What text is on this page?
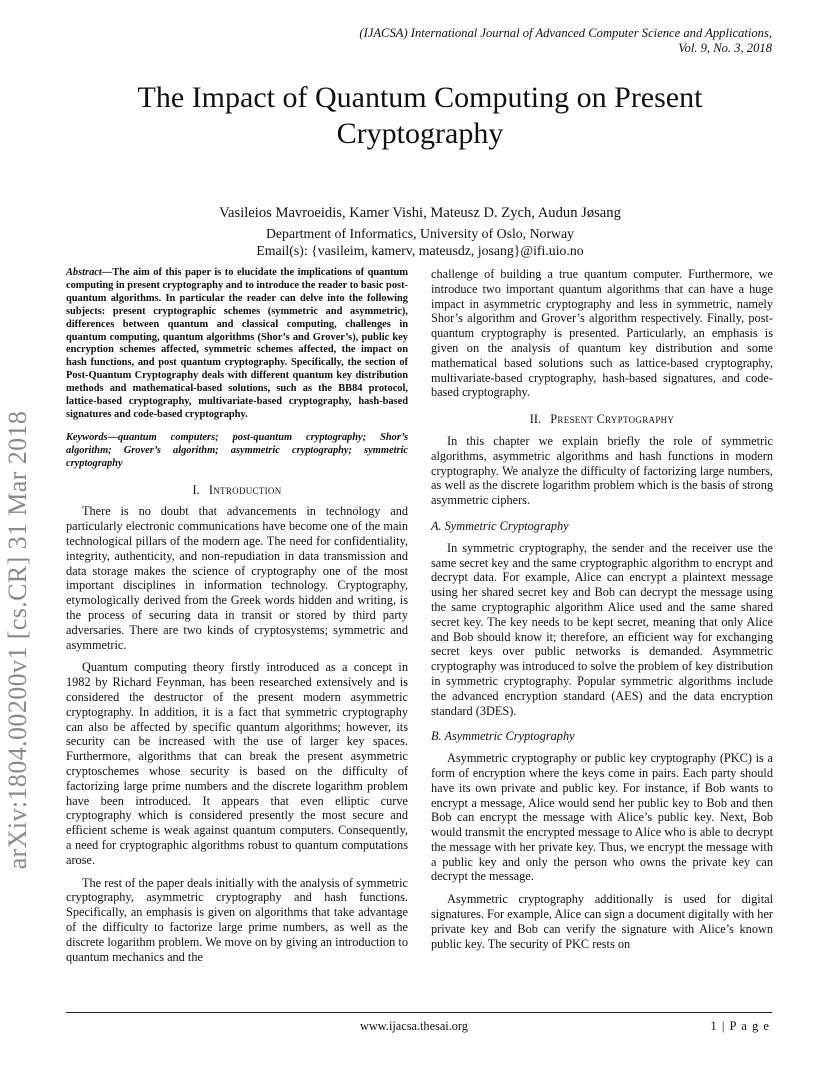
(IJACSA) International Journal of Advanced Computer Science and Applications,
Vol. 9, No. 3, 2018
The Impact of Quantum Computing on Present
Cryptography
Vasileios Mavroeidis, Kamer Vishi, Mateusz D. Zych, Audun Jøsang
Department of Informatics, University of Oslo, Norway
Email(s): {vasileim, kamerv, mateusdz, josang}@ifi.uio.no
arXiv:1804.00200v1 [cs.CR] 31 Mar 2018
Abstract—The aim of this paper is to elucidate the implications of quantum computing in present cryptography and to introduce the reader to basic post-quantum algorithms. In particular the reader can delve into the following subjects: present cryptographic schemes (symmetric and asymmetric), differences between quantum and classical computing, challenges in quantum computing, quantum algorithms (Shor’s and Grover’s), public key encryption schemes affected, symmetric schemes affected, the impact on hash functions, and post quantum cryptography. Specifically, the section of Post-Quantum Cryptography deals with different quantum key distribution methods and mathematical-based solutions, such as the BB84 protocol, lattice-based cryptography, multivariate-based cryptography, hash-based signatures and code-based cryptography.
Keywords—quantum computers; post-quantum cryptography; Shor’s algorithm; Grover’s algorithm; asymmetric cryptography; symmetric cryptography
I. Introduction

There is no doubt that advancements in technology and particularly electronic communications have become one of the main technological pillars of the modern age. The need for confidentiality, integrity, authenticity, and non-repudiation in data transmission and data storage makes the science of cryptography one of the most important disciplines in information technology. Cryptography, etymologically derived from the Greek words hidden and writing, is the process of securing data in transit or stored by third party adversaries. There are two kinds of cryptosystems; symmetric and asymmetric.

Quantum computing theory firstly introduced as a concept in 1982 by Richard Feynman, has been researched extensively and is considered the destructor of the present modern asymmetric cryptography. In addition, it is a fact that symmetric cryptography can also be affected by specific quantum algorithms; however, its security can be increased with the use of larger key spaces. Furthermore, algorithms that can break the present asymmetric cryptoschemes whose security is based on the difficulty of factorizing large prime numbers and the discrete logarithm problem have been introduced. It appears that even elliptic curve cryptography which is considered presently the most secure and efficient scheme is weak against quantum computers. Consequently, a need for cryptographic algorithms robust to quantum computations arose.

The rest of the paper deals initially with the analysis of symmetric cryptography, asymmetric cryptography and hash functions. Specifically, an emphasis is given on algorithms that take advantage of the difficulty to factorize large prime numbers, as well as the discrete logarithm problem. We move on by giving an introduction to quantum mechanics and the

challenge of building a true quantum computer. Furthermore, we introduce two important quantum algorithms that can have a huge impact in asymmetric cryptography and less in symmetric, namely Shor’s algorithm and Grover’s algorithm respectively. Finally, post-quantum cryptography is presented. Particularly, an emphasis is given on the analysis of quantum key distribution and some mathematical based solutions such as lattice-based cryptography, multivariate-based cryptography, hash-based signatures, and code-based cryptography.

II. Present Cryptography

In this chapter we explain briefly the role of symmetric algorithms, asymmetric algorithms and hash functions in modern cryptography. We analyze the difficulty of factorizing large numbers, as well as the discrete logarithm problem which is the basis of strong asymmetric ciphers.

A. Symmetric Cryptography

In symmetric cryptography, the sender and the receiver use the same secret key and the same cryptographic algorithm to encrypt and decrypt data. For example, Alice can encrypt a plaintext message using her shared secret key and Bob can decrypt the message using the same cryptographic algorithm Alice used and the same shared secret key. The key needs to be kept secret, meaning that only Alice and Bob should know it; therefore, an efficient way for exchanging secret keys over public networks is demanded. Asymmetric cryptography was introduced to solve the problem of key distribution in symmetric cryptography. Popular symmetric algorithms include the advanced encryption standard (AES) and the data encryption standard (3DES).

B. Asymmetric Cryptography

Asymmetric cryptography or public key cryptography (PKC) is a form of encryption where the keys come in pairs. Each party should have its own private and public key. For instance, if Bob wants to encrypt a message, Alice would send her public key to Bob and then Bob can encrypt the message with Alice’s public key. Next, Bob would transmit the encrypted message to Alice who is able to decrypt the message with her private key. Thus, we encrypt the message with a public key and only the person who owns the private key can decrypt the message.

Asymmetric cryptography additionally is used for digital signatures. For example, Alice can sign a document digitally with her private key and Bob can verify the signature with Alice’s known public key. The security of PKC rests on

www.ijacsa.thesai.org	1 | P a g e
